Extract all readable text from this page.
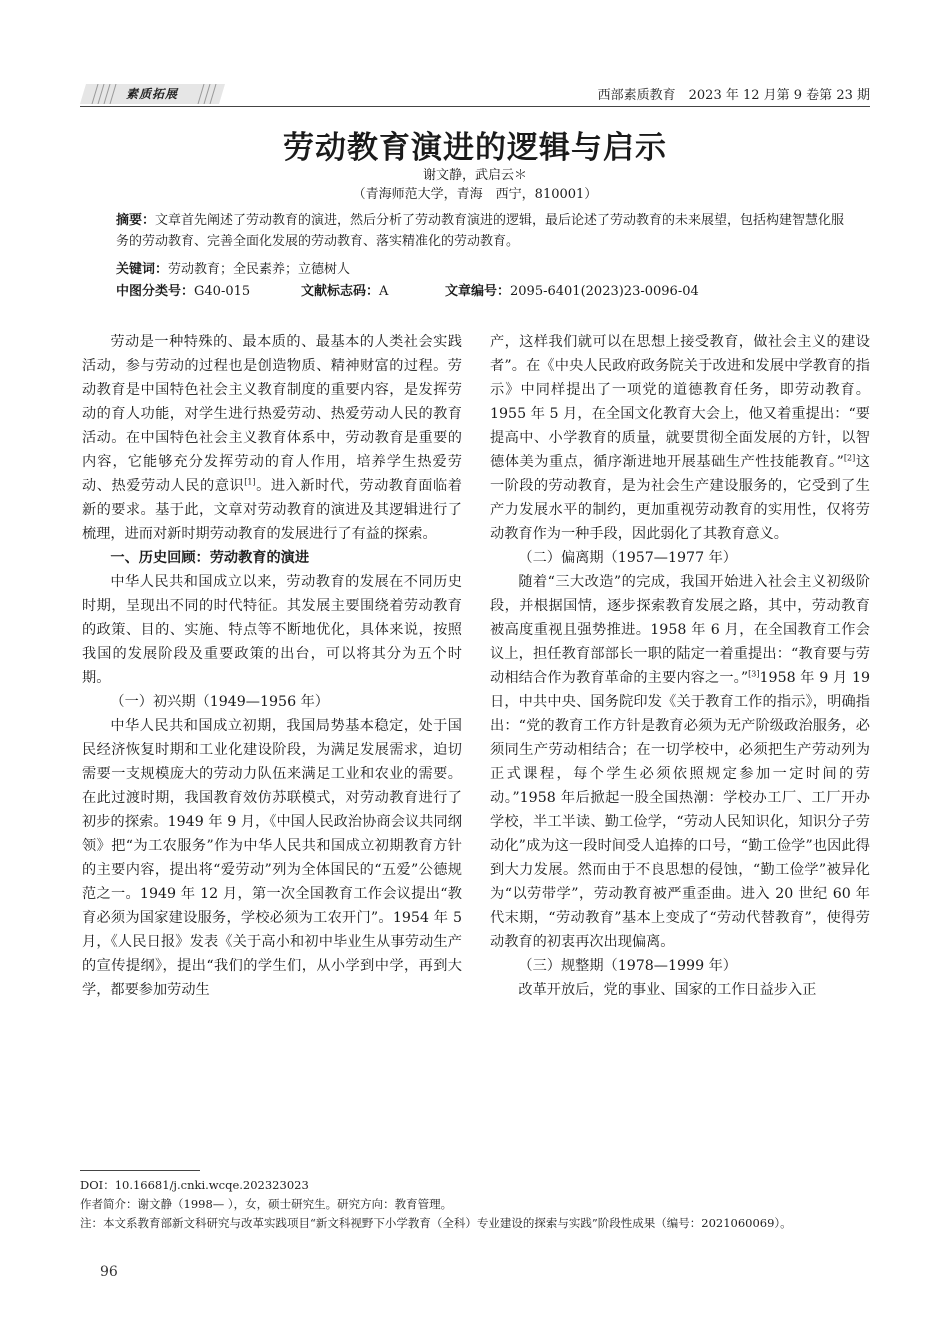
素质拓展	西部素质教育　2023 年 12 月第 9 卷第 23 期
劳动教育演进的逻辑与启示
谢文静，武启云＊
（青海师范大学，青海　西宁，810001）
摘要：文章首先阐述了劳动教育的演进，然后分析了劳动教育演进的逻辑，最后论述了劳动教育的未来展望，包括构建智慧化服务的劳动教育、完善全面化发展的劳动教育、落实精准化的劳动教育。
关键词：劳动教育；全民素养；立德树人
中图分类号：G40-015	文献标志码：A	文章编号：2095-6401(2023)23-0096-04

劳动是一种特殊的、最本质的、最基本的人类社会实践活动，参与劳动的过程也是创造物质、精神财富的过程。劳动教育是中国特色社会主义教育制度的重要内容，是发挥劳动的育人功能，对学生进行热爱劳动、热爱劳动人民的教育活动。在中国特色社会主义教育体系中，劳动教育是重要的内容，它能够充分发挥劳动的育人作用，培养学生热爱劳动、热爱劳动人民的意识[1]。进入新时代，劳动教育面临着新的要求。基于此，文章对劳动教育的演进及其逻辑进行了梳理，进而对新时期劳动教育的发展进行了有益的探索。

一、历史回顾：劳动教育的演进

中华人民共和国成立以来，劳动教育的发展在不同历史时期，呈现出不同的时代特征。其发展主要围绕着劳动教育的政策、目的、实施、特点等不断地优化，具体来说，按照我国的发展阶段及重要政策的出台，可以将其分为五个时期。

（一）初兴期（1949—1956 年）

中华人民共和国成立初期，我国局势基本稳定，处于国民经济恢复时期和工业化建设阶段，为满足发展需求，迫切需要一支规模庞大的劳动力队伍来满足工业和农业的需要。在此过渡时期，我国教育效仿苏联模式，对劳动教育进行了初步的探索。1949 年 9 月，《中国人民政治协商会议共同纲领》把“为工农服务”作为中华人民共和国成立初期教育方针的主要内容，提出将“爱劳动”列为全体国民的“五爱”公德规范之一。1949 年 12 月，第一次全国教育工作会议提出“教育必须为国家建设服务，学校必须为工农开门”。1954 年 5 月，《人民日报》发表《关于高小和初中毕业生从事劳动生产的宣传提纲》，提出“我们的学生们，从小学到中学，再到大学，都要参加劳动生

产，这样我们就可以在思想上接受教育，做社会主义的建设者”。在《中央人民政府政务院关于改进和发展中学教育的指示》中同样提出了一项党的道德教育任务，即劳动教育。1955 年 5 月，在全国文化教育大会上，他又着重提出：“要提高中、小学教育的质量，就要贯彻全面发展的方针，以智德体美为重点，循序渐进地开展基础生产性技能教育。”[2]这一阶段的劳动教育，是为社会生产建设服务的，它受到了生产力发展水平的制约，更加重视劳动教育的实用性，仅将劳动教育作为一种手段，因此弱化了其教育意义。

（二）偏离期（1957—1977 年）

随着“三大改造”的完成，我国开始进入社会主义初级阶段，并根据国情，逐步探索教育发展之路，其中，劳动教育被高度重视且强势推进。1958 年 6 月，在全国教育工作会议上，担任教育部部长一职的陆定一着重提出：“教育要与劳动相结合作为教育革命的主要内容之一。”[3]1958 年 9 月 19 日，中共中央、国务院印发《关于教育工作的指示》，明确指出：“党的教育工作方针是教育必须为无产阶级政治服务，必须同生产劳动相结合；在一切学校中，必须把生产劳动列为正式课程，每个学生必须依照规定参加一定时间的劳动。”1958 年后掀起一股全国热潮：学校办工厂、工厂开办学校，半工半读、勤工俭学，“劳动人民知识化，知识分子劳动化”成为这一段时间受人追捧的口号，“勤工俭学”也因此得到大力发展。然而由于不良思想的侵蚀，“勤工俭学”被异化为“以劳带学”，劳动教育被严重歪曲。进入 20 世纪 60 年代末期，“劳动教育”基本上变成了“劳动代替教育”，使得劳动教育的初衷再次出现偏离。

（三）规整期（1978—1999 年）

改革开放后，党的事业、国家的工作日益步入正

DOI：10.16681/j.cnki.wcqe.202323023
作者简介：谢文静（1998— ），女，硕士研究生。研究方向：教育管理。
注：本文系教育部新文科研究与改革实践项目“新文科视野下小学教育（全科）专业建设的探索与实践”阶段性成果（编号：2021060069）。
96
